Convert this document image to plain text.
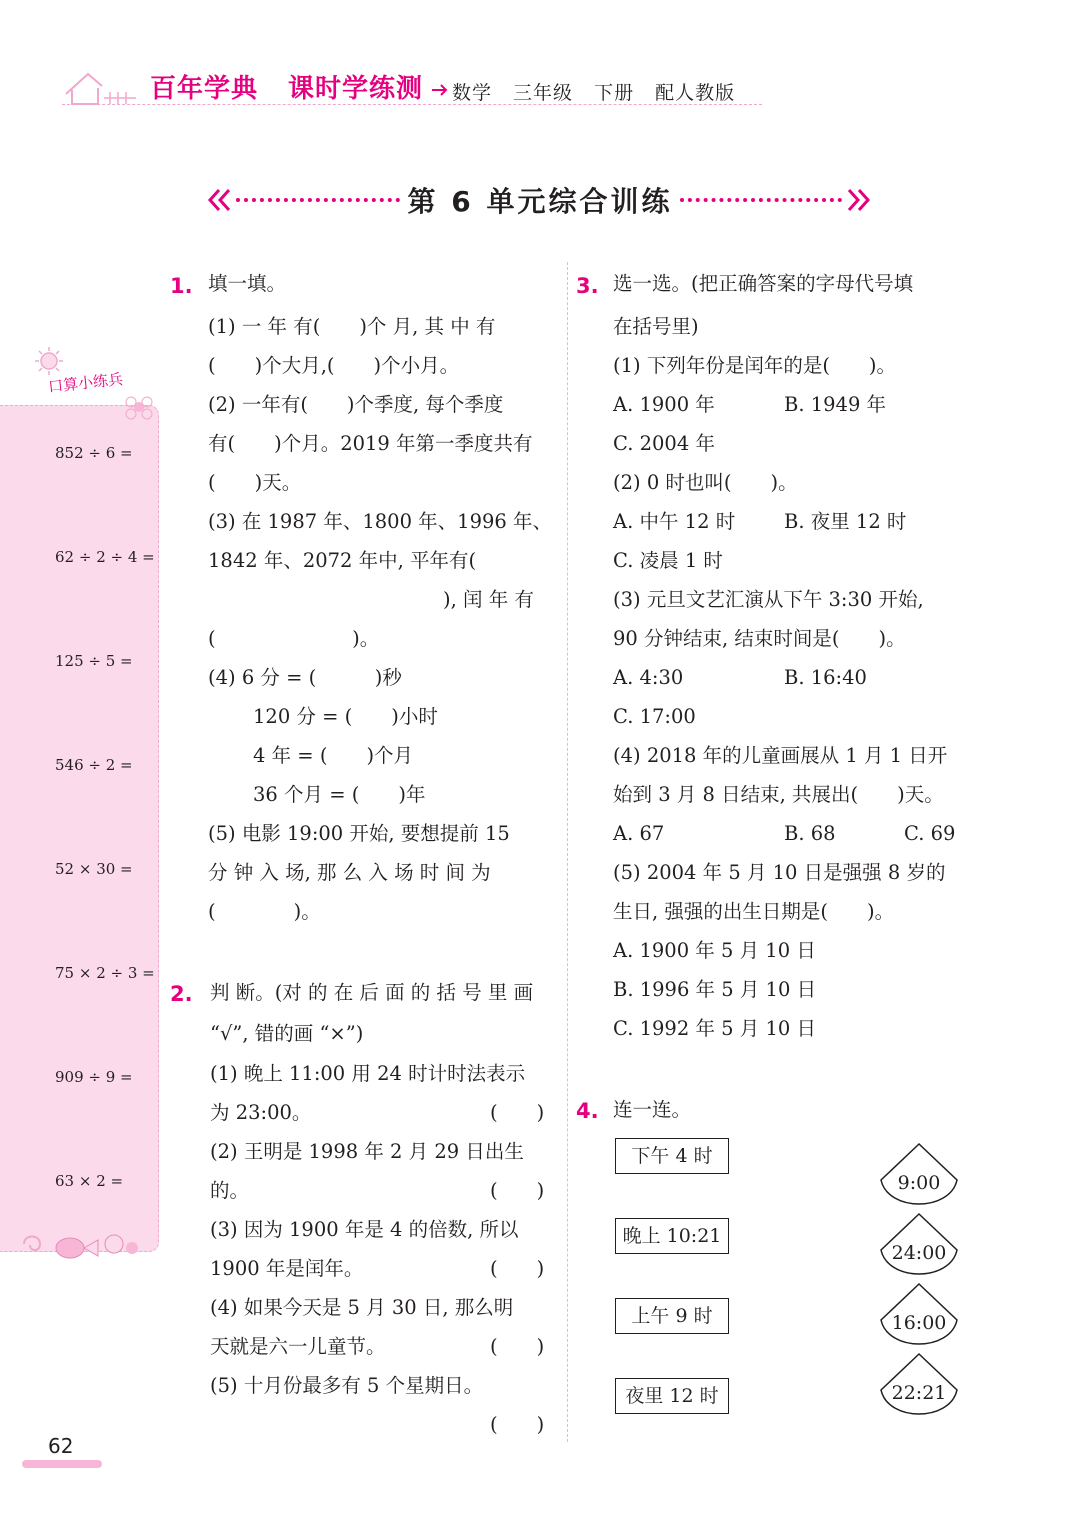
百年学典 课时学练测 数学 三年级 下册 配人教版
第 6 单元综合训练
口算小练兵
852 ÷ 6 =
62 ÷ 2 ÷ 4 =
125 ÷ 5 =
546 ÷ 2 =
52 × 30 =
75 × 2 ÷ 3 =
909 ÷ 9 =
63 × 2 =
62
1. 填一填。
(1) 一 年 有(　　)个 月, 其 中 有
(　　)个大月,(　　)个小月。
(2) 一年有(　　)个季度, 每个季度
有(　　)个月。2019 年第一季度共有
(　　)天。
(3) 在 1987 年、1800 年、1996 年、
1842 年、2072 年中, 平年有(
), 闰 年 有
(　　　　　　　)。
(4) 6 分 = (　　　)秒
120 分 = (　　)小时
4 年 = (　　)个月
36 个月 = (　　)年
(5) 电影 19:00 开始, 要想提前 15
分 钟 入 场, 那 么 入 场 时 间 为
(　　　　)。
2. 判 断。(对 的 在 后 面 的 括 号 里 画
“√”, 错的画 “×”)
(1) 晚上 11:00 用 24 时计时法表示
为 23:00。	(　　)
(2) 王明是 1998 年 2 月 29 日出生
的。	(　　)
(3) 因为 1900 年是 4 的倍数, 所以
1900 年是闰年。	(　　)
(4) 如果今天是 5 月 30 日, 那么明
天就是六一儿童节。	(　　)
(5) 十月份最多有 5 个星期日。
(　　)
3. 选一选。(把正确答案的字母代号填
在括号里)
(1) 下列年份是闰年的是(　　)。
A. 1900 年	B. 1949 年
C. 2004 年
(2) 0 时也叫(　　)。
A. 中午 12 时	B. 夜里 12 时
C. 凌晨 1 时
(3) 元旦文艺汇演从下午 3:30 开始,
90 分钟结束, 结束时间是(　　)。
A. 4:30	B. 16:40
C. 17:00
(4) 2018 年的儿童画展从 1 月 1 日开
始到 3 月 8 日结束, 共展出(　　)天。
A. 67	B. 68	C. 69
(5) 2004 年 5 月 10 日是强强 8 岁的
生日, 强强的出生日期是(　　)。
A. 1900 年 5 月 10 日
B. 1996 年 5 月 10 日
C. 1992 年 5 月 10 日
4. 连一连。
下午 4 时
晚上 10:21
上午 9 时
夜里 12 时
9:00
24:00
16:00
22:21
